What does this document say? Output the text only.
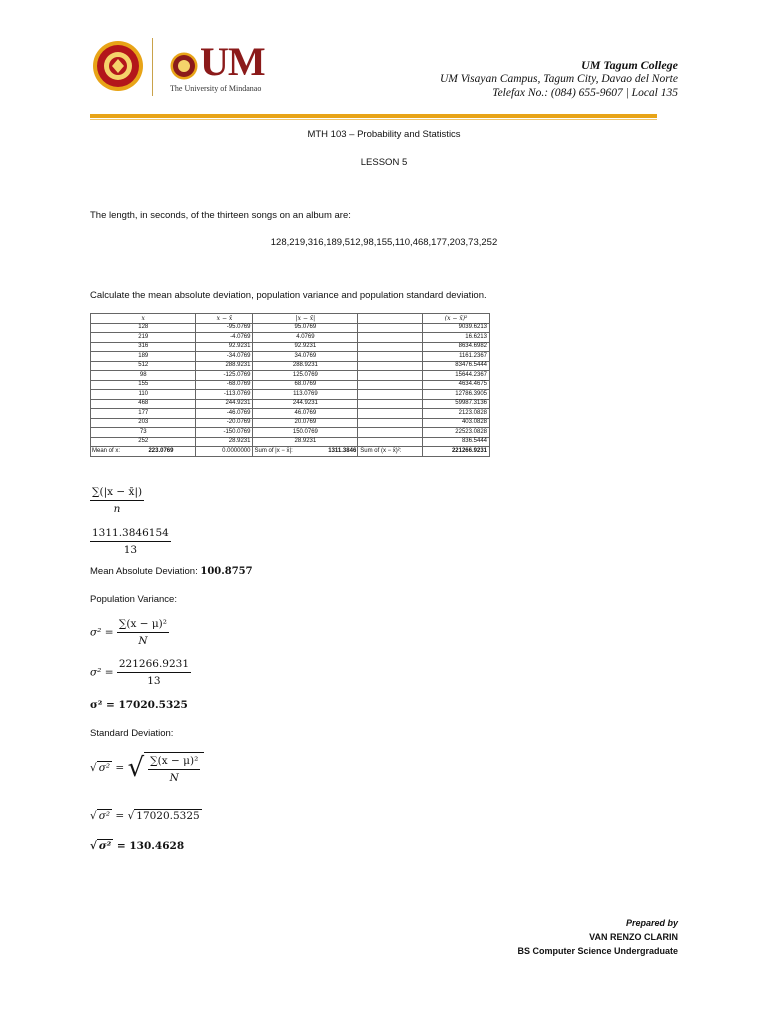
UM
The University of Mindanao
UM Tagum College
UM Visayan Campus, Tagum City, Davao del Norte
Telefax No.: (084) 655-9607 | Local 135
MTH 103 – Probability and Statistics
LESSON 5
The length, in seconds, of the thirteen songs on an album are:
128,219,316,189,512,98,155,110,468,177,203,73,252
Calculate the mean absolute deviation, population variance and population standard deviation.
x	x − x̄	|x − x̄|		(x − x̄)²
128	-95.0769	95.0769		9039.6213
219	-4.0769	4.0769		16.6213
316	92.9231	92.9231		8634.6982
189	-34.0769	34.0769		1161.2367
512	288.9231	288.9231		83476.5444
98	-125.0769	125.0769		15644.2367
155	-68.0769	68.0769		4634.4675
110	-113.0769	113.0769		12786.3905
468	244.9231	244.9231		59987.3136
177	-46.0769	46.0769		2123.0828
203	-20.0769	20.0769		403.0828
73	-150.0769	150.0769		22523.0828
252	28.9231	28.9231		836.5444

Mean of x: 223.0769	0.0000000	Sum of |x − x̄|: 1311.3846	Sum of (x − x̄)²:	221266.9231
$\frac{\sum(|x - x̄|)}{n}$
$\frac{1311.3846154}{13}$
Mean Absolute Deviation: 100.8757
Population Variance:
$\sigma^2 = \frac{\text{∑(x − μ)²}}{N}$
$\sigma^2 = \frac{221266.9231}{13}$
σ² = 17020.5325
Standard Deviation:
√ σ² = √ $\frac{\text{∑(x − μ)²}}{N}$
√ σ² = √ 17020.5325
√ σ² = 130.4628
Prepared by
VAN RENZO CLARIN
BS Computer Science Undergraduate
